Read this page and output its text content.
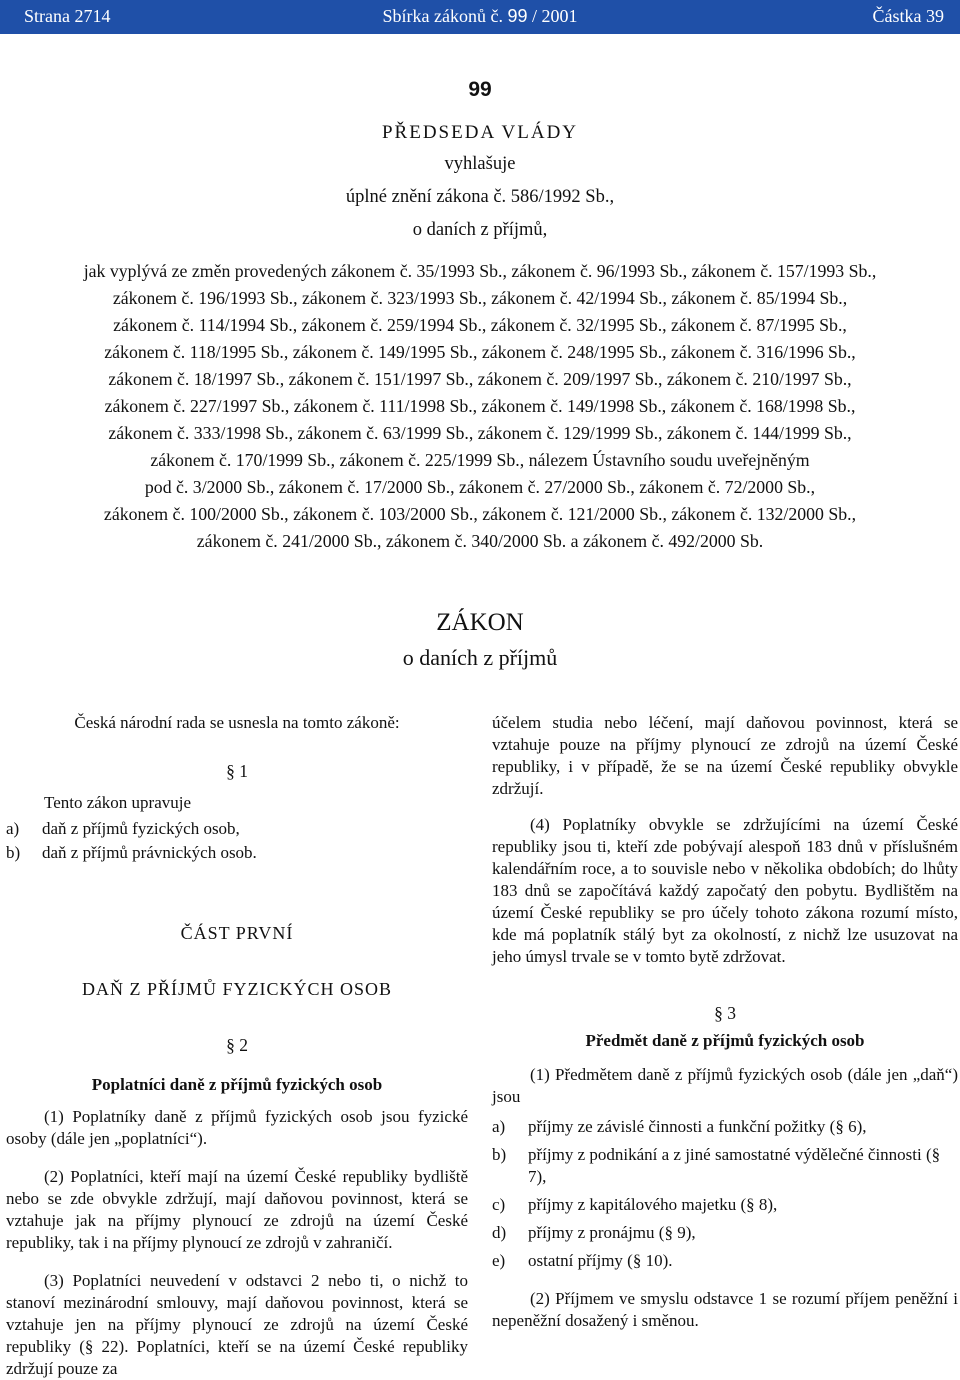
Strana 2714	Sbírka zákonů č. 99 / 2001	Částka 39
99
PŘEDSEDA VLÁDY
vyhlašuje
úplné znění zákona č. 586/1992 Sb.,
o daních z příjmů,
jak vyplývá ze změn provedených zákonem č. 35/1993 Sb., zákonem č. 96/1993 Sb., zákonem č. 157/1993 Sb.,
zákonem č. 196/1993 Sb., zákonem č. 323/1993 Sb., zákonem č. 42/1994 Sb., zákonem č. 85/1994 Sb.,
zákonem č. 114/1994 Sb., zákonem č. 259/1994 Sb., zákonem č. 32/1995 Sb., zákonem č. 87/1995 Sb.,
zákonem č. 118/1995 Sb., zákonem č. 149/1995 Sb., zákonem č. 248/1995 Sb., zákonem č. 316/1996 Sb.,
zákonem č. 18/1997 Sb., zákonem č. 151/1997 Sb., zákonem č. 209/1997 Sb., zákonem č. 210/1997 Sb.,
zákonem č. 227/1997 Sb., zákonem č. 111/1998 Sb., zákonem č. 149/1998 Sb., zákonem č. 168/1998 Sb.,
zákonem č. 333/1998 Sb., zákonem č. 63/1999 Sb., zákonem č. 129/1999 Sb., zákonem č. 144/1999 Sb.,
zákonem č. 170/1999 Sb., zákonem č. 225/1999 Sb., nálezem Ústavního soudu uveřejněným
pod č. 3/2000 Sb., zákonem č. 17/2000 Sb., zákonem č. 27/2000 Sb., zákonem č. 72/2000 Sb.,
zákonem č. 100/2000 Sb., zákonem č. 103/2000 Sb., zákonem č. 121/2000 Sb., zákonem č. 132/2000 Sb.,
zákonem č. 241/2000 Sb., zákonem č. 340/2000 Sb. a zákonem č. 492/2000 Sb.
ZÁKON
o daních z příjmů

Česká národní rada se usnesla na tomto zákoně:

§ 1

Tento zákon upravuje

a)	daň z příjmů fyzických osob,
b)	daň z příjmů právnických osob.

ČÁST PRVNÍ

DAŇ Z PŘÍJMŮ FYZICKÝCH OSOB

§ 2

Poplatníci daně z příjmů fyzických osob

(1) Poplatníky daně z příjmů fyzických osob jsou fyzické osoby (dále jen „poplatníci“).

(2) Poplatníci, kteří mají na území České republiky bydliště nebo se zde obvykle zdržují, mají daňovou povinnost, která se vztahuje jak na příjmy plynoucí ze zdrojů na území České republiky, tak i na příjmy plynoucí ze zdrojů v zahraničí.

(3) Poplatníci neuvedení v odstavci 2 nebo ti, o nichž to stanoví mezinárodní smlouvy, mají daňovou povinnost, která se vztahuje jen na příjmy plynoucí ze zdrojů na území České republiky (§ 22). Poplatníci, kteří se na území České republiky zdržují pouze za

účelem studia nebo léčení, mají daňovou povinnost, která se vztahuje pouze na příjmy plynoucí ze zdrojů na území České republiky, i v případě, že se na území České republiky obvykle zdržují.

(4) Poplatníky obvykle se zdržujícími na území České republiky jsou ti, kteří zde pobývají alespoň 183 dnů v příslušném kalendářním roce, a to souvisle nebo v několika obdobích; do lhůty 183 dnů se započítává každý započatý den pobytu. Bydlištěm na území České republiky se pro účely tohoto zákona rozumí místo, kde má poplatník stálý byt za okolností, z nichž lze usuzovat na jeho úmysl trvale se v tomto bytě zdržovat.

§ 3

Předmět daně z příjmů fyzických osob

(1) Předmětem daně z příjmů fyzických osob (dále jen „daň“) jsou

a)	příjmy ze závislé činnosti a funkční požitky (§ 6),
b)	příjmy z podnikání a z jiné samostatné výdělečné činnosti (§ 7),
c)	příjmy z kapitálového majetku (§ 8),
d)	příjmy z pronájmu (§ 9),
e)	ostatní příjmy (§ 10).

(2) Příjmem ve smyslu odstavce 1 se rozumí příjem peněžní i nepeněžní dosažený i směnou.
